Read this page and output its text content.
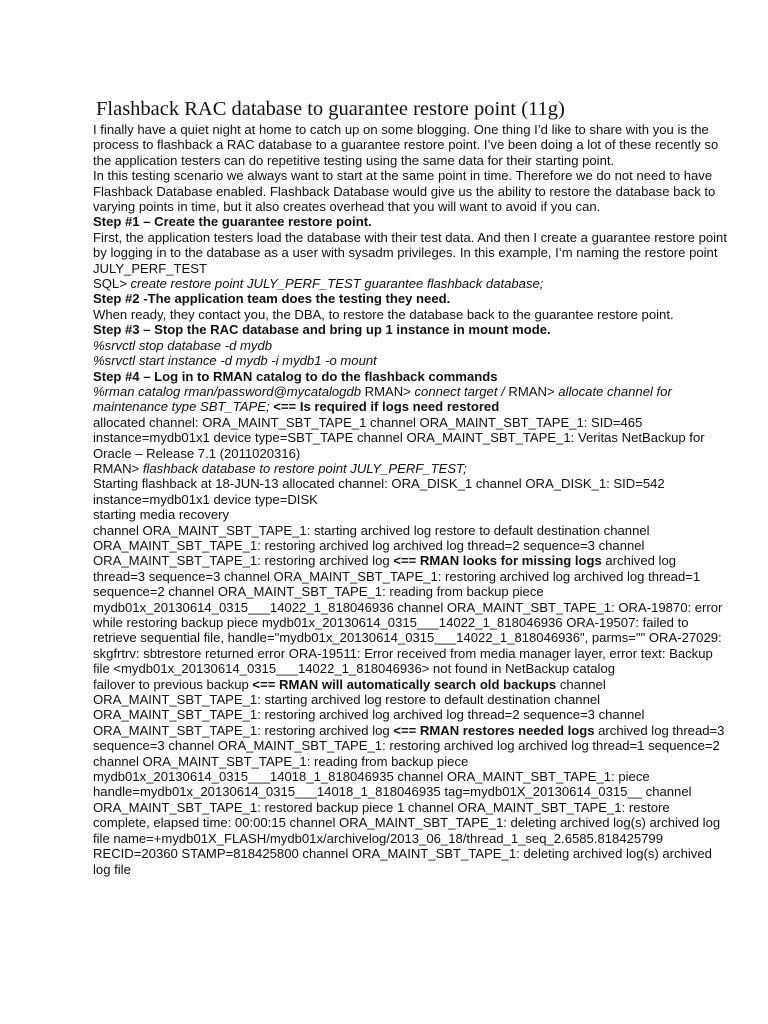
Flashback RAC database to guarantee restore point (11g)

I finally have a quiet night at home to catch up on some blogging. One thing I’d like to share with you is the process to flashback a RAC database to a guarantee restore point. I’ve been doing a lot of these recently so the application testers can do repetitive testing using the same data for their starting point.

In this testing scenario we always want to start at the same point in time. Therefore we do not need to have Flashback Database enabled. Flashback Database would give us the ability to restore the database back to varying points in time, but it also creates overhead that you will want to avoid if you can.

Step #1 – Create the guarantee restore point.

First, the application testers load the database with their test data. And then I create a guarantee restore point by logging in to the database as a user with sysadm privileges. In this example, I’m naming the restore point JULY_PERF_TEST

SQL> create restore point JULY_PERF_TEST guarantee flashback database;

Step #2 -The application team does the testing they need.

When ready, they contact you, the DBA, to restore the database back to the guarantee restore point.

Step #3 – Stop the RAC database and bring up 1 instance in mount mode.

%srvctl stop database -d mydb

%srvctl start instance -d mydb -i mydb1 -o mount

Step #4 – Log in to RMAN catalog to do the flashback commands

%rman catalog rman/password@mycatalogdb RMAN> connect target / RMAN> allocate channel for maintenance type SBT_TAPE; <== Is required if logs need restored

allocated channel: ORA_MAINT_SBT_TAPE_1 channel ORA_MAINT_SBT_TAPE_1: SID=465 instance=mydb01x1 device type=SBT_TAPE channel ORA_MAINT_SBT_TAPE_1: Veritas NetBackup for Oracle – Release 7.1 (2011020316)

RMAN> flashback database to restore point JULY_PERF_TEST;

Starting flashback at 18-JUN-13 allocated channel: ORA_DISK_1 channel ORA_DISK_1: SID=542 instance=mydb01x1 device type=DISK

starting media recovery

channel ORA_MAINT_SBT_TAPE_1: starting archived log restore to default destination channel ORA_MAINT_SBT_TAPE_1: restoring archived log archived log thread=2 sequence=3 channel ORA_MAINT_SBT_TAPE_1: restoring archived log <== RMAN looks for missing logs archived log thread=3 sequence=3 channel ORA_MAINT_SBT_TAPE_1: restoring archived log archived log thread=1 sequence=2 channel ORA_MAINT_SBT_TAPE_1: reading from backup piece mydb01x_20130614_0315___14022_1_818046936 channel ORA_MAINT_SBT_TAPE_1: ORA-19870: error while restoring backup piece mydb01x_20130614_0315___14022_1_818046936 ORA-19507: failed to retrieve sequential file, handle="mydb01x_20130614_0315___14022_1_818046936", parms="" ORA-27029: skgfrtrv: sbtrestore returned error ORA-19511: Error received from media manager layer, error text: Backup file <mydb01x_20130614_0315___14022_1_818046936> not found in NetBackup catalog

failover to previous backup <== RMAN will automatically search old backups channel ORA_MAINT_SBT_TAPE_1: starting archived log restore to default destination channel ORA_MAINT_SBT_TAPE_1: restoring archived log archived log thread=2 sequence=3 channel ORA_MAINT_SBT_TAPE_1: restoring archived log <== RMAN restores needed logs archived log thread=3 sequence=3 channel ORA_MAINT_SBT_TAPE_1: restoring archived log archived log thread=1 sequence=2 channel ORA_MAINT_SBT_TAPE_1: reading from backup piece mydb01x_20130614_0315___14018_1_818046935 channel ORA_MAINT_SBT_TAPE_1: piece handle=mydb01x_20130614_0315___14018_1_818046935 tag=mydb01X_20130614_0315__ channel ORA_MAINT_SBT_TAPE_1: restored backup piece 1 channel ORA_MAINT_SBT_TAPE_1: restore complete, elapsed time: 00:00:15 channel ORA_MAINT_SBT_TAPE_1: deleting archived log(s) archived log file name=+mydb01X_FLASH/mydb01x/archivelog/2013_06_18/thread_1_seq_2.6585.818425799 RECID=20360 STAMP=818425800 channel ORA_MAINT_SBT_TAPE_1: deleting archived log(s) archived log file
